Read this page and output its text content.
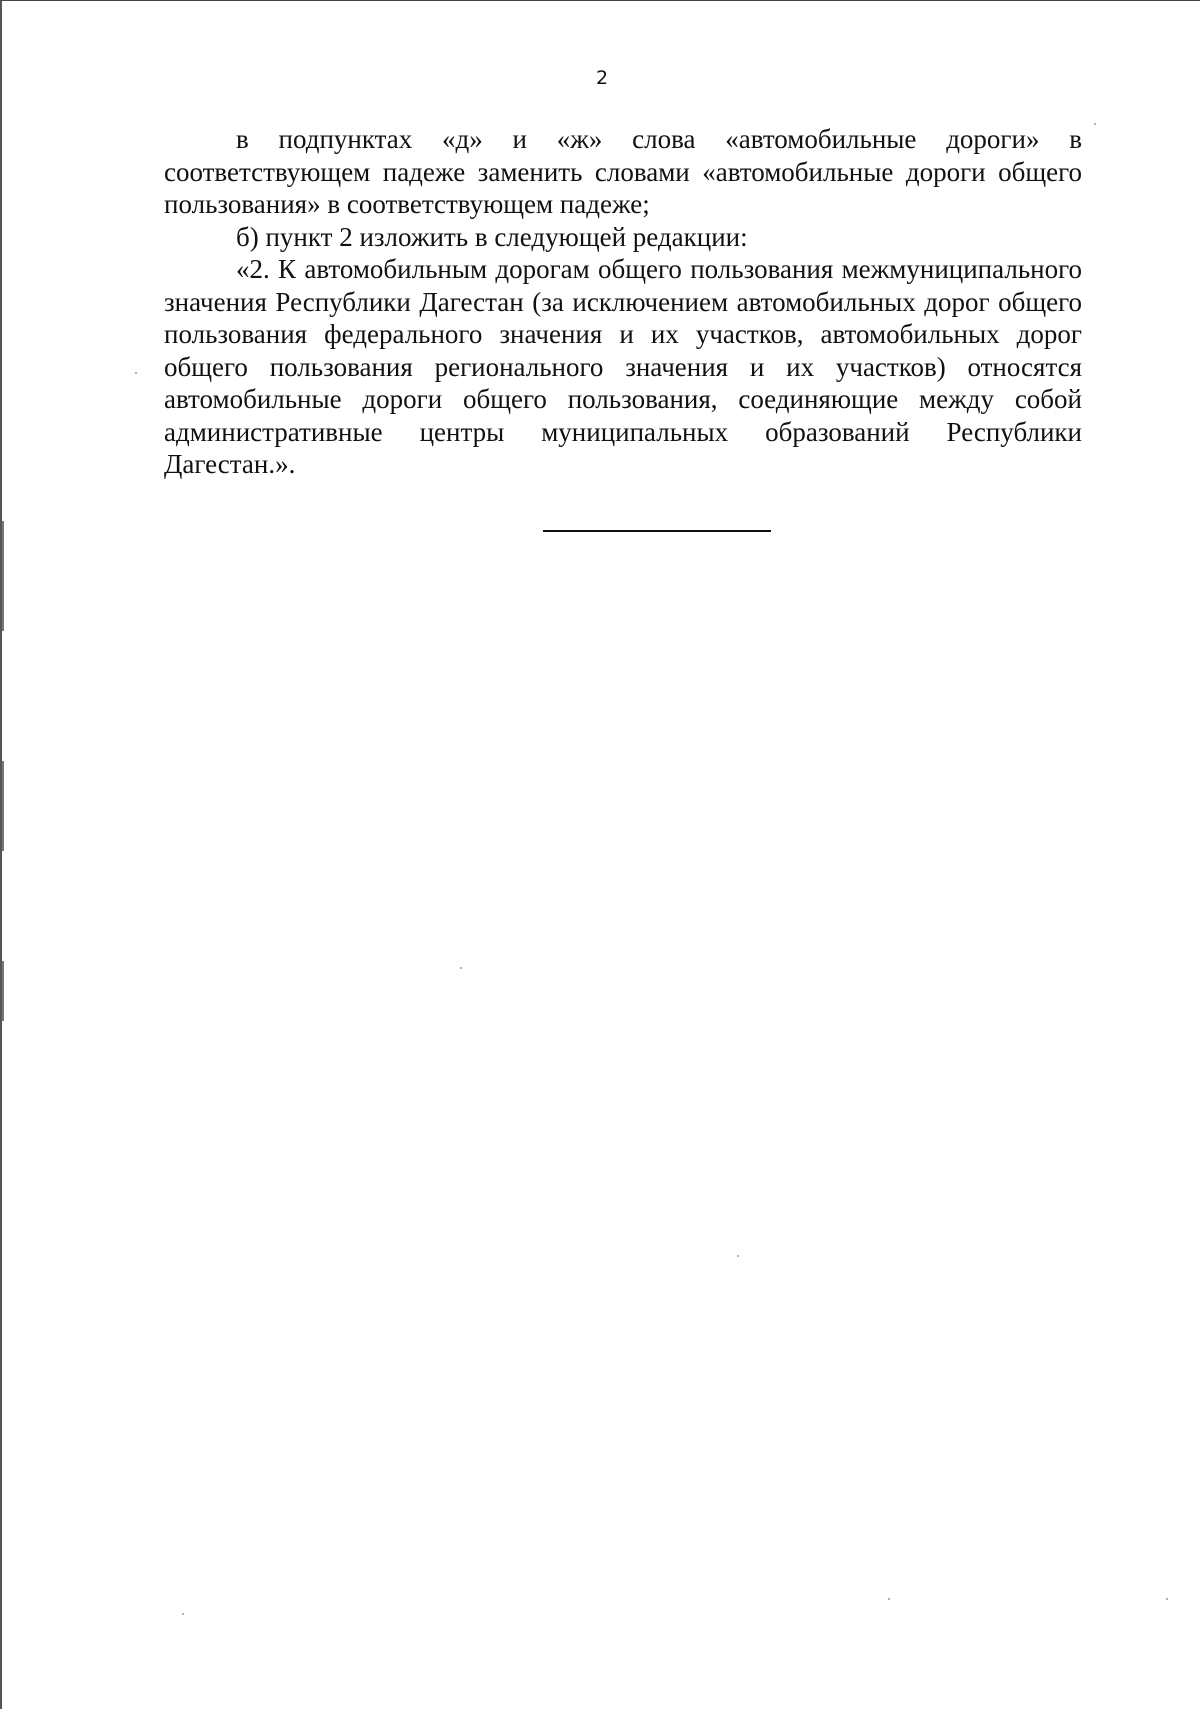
2

в подпунктах «д» и «ж» слова «автомобильные дороги» в соответствующем падеже заменить словами «автомобильные дороги общего пользования» в соответствующем падеже;

б) пункт 2 изложить в следующей редакции:

«2. К автомобильным дорогам общего пользования межмуниципального значения Республики Дагестан (за исключением автомобильных дорог общего пользования федерального значения и их участков, автомобильных дорог общего пользования регионального значения и их участков) относятся автомобильные дороги общего пользования, соединяющие между собой административные центры муниципальных образований Республики Дагестан.».
